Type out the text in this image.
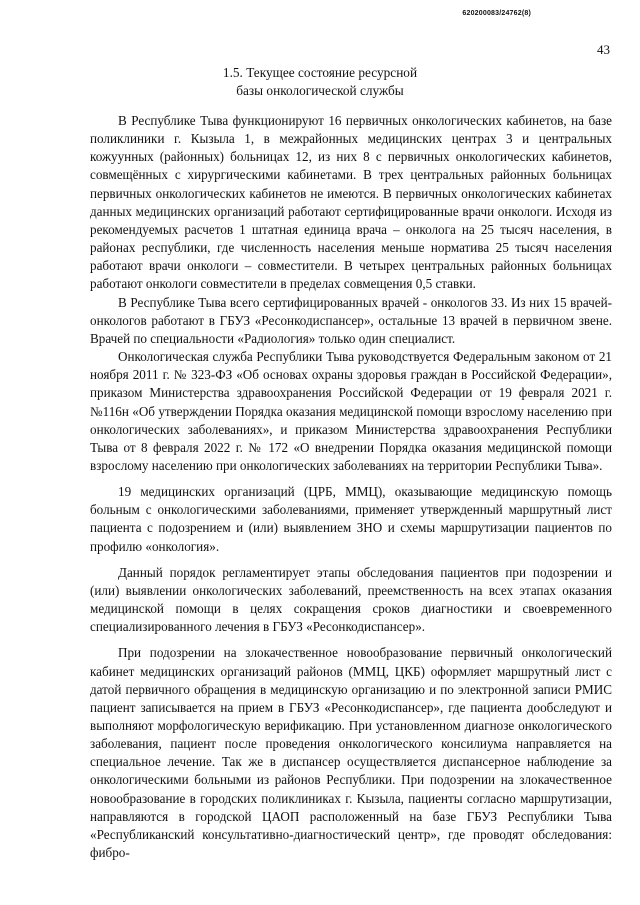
620200083/24762(8)
43
1.5. Текущее состояние ресурсной
базы онкологической службы

В Республике Тыва функционируют 16 первичных онкологических кабинетов, на базе поликлиники г. Кызыла 1, в межрайонных медицинских центрах 3 и центральных кожуунных (районных) больницах 12, из них 8 с первичных онкологических кабинетов, совмещённых с хирургическими кабинетами. В трех центральных районных больницах первичных онкологических кабинетов не имеются. В первичных онкологических кабинетах данных медицинских организаций работают сертифицированные врачи онкологи. Исходя из рекомендуемых расчетов 1 штатная единица врача – онколога на 25 тысяч населения, в районах республики, где численность населения меньше норматива 25 тысяч населения работают врачи онкологи – совместители. В четырех центральных районных больницах работают онкологи совместители в пределах совмещения 0,5 ставки.

В Республике Тыва всего сертифицированных врачей - онкологов 33. Из них 15 врачей-онкологов работают в ГБУЗ «Ресонкодиспансер», остальные 13 врачей в первичном звене. Врачей по специальности «Радиология» только один специалист.

Онкологическая служба Республики Тыва руководствуется Федеральным законом от 21 ноября 2011 г. № 323-ФЗ «Об основах охраны здоровья граждан в Российской Федерации», приказом Министерства здравоохранения Российской Федерации от 19 февраля 2021 г. №116н «Об утверждении Порядка оказания медицинской помощи взрослому населению при онкологических заболеваниях», и приказом Министерства здравоохранения Республики Тыва от 8 февраля 2022 г. № 172 «О внедрении Порядка оказания медицинской помощи взрослому населению при онкологических заболеваниях на территории Республики Тыва».

19 медицинских организаций (ЦРБ, ММЦ), оказывающие медицинскую помощь больным с онкологическими заболеваниями, применяет утвержденный маршрутный лист пациента с подозрением и (или) выявлением ЗНО и схемы маршрутизации пациентов по профилю «онкология».

Данный порядок регламентирует этапы обследования пациентов при подозрении и (или) выявлении онкологических заболеваний, преемственность на всех этапах оказания медицинской помощи в целях сокращения сроков диагностики и своевременного специализированного лечения в ГБУЗ «Ресонкодиспансер».

При подозрении на злокачественное новообразование первичный онкологический кабинет медицинских организаций районов (ММЦ, ЦКБ) оформляет маршрутный лист с датой первичного обращения в медицинскую организацию и по электронной записи РМИС пациент записывается на прием в ГБУЗ «Ресонкодиспансер», где пациента дообследуют и выполняют морфологическую верификацию. При установленном диагнозе онкологического заболевания, пациент после проведения онкологического консилиума направляется на специальное лечение. Так же в диспансер осуществляется диспансерное наблюдение за онкологическими больными из районов Республики. При подозрении на злокачественное новообразование в городских поликлиниках г. Кызыла, пациенты согласно маршрутизации, направляются в городской ЦАОП расположенный на базе ГБУЗ Республики Тыва «Республиканский консультативно-диагностический центр», где проводят обследования: фибро-
